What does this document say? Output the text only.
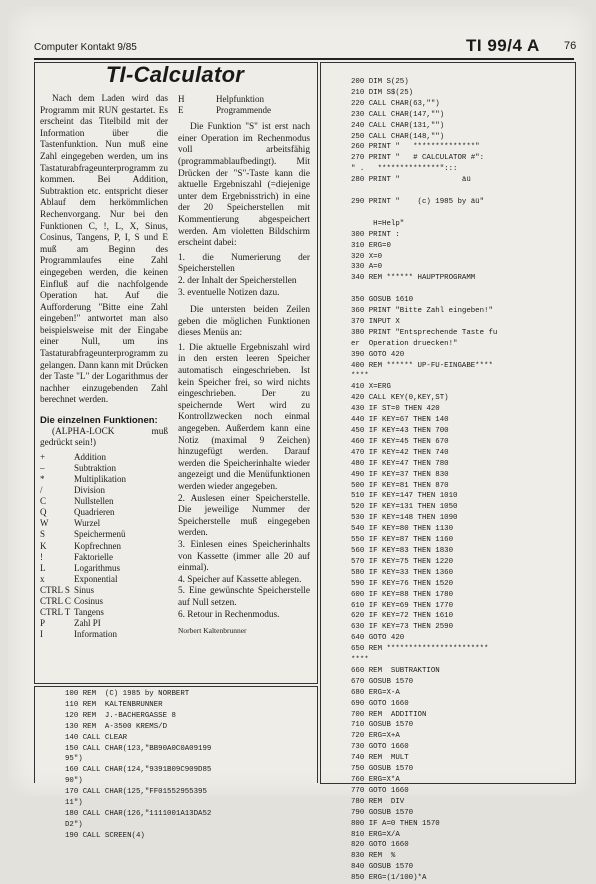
Computer Kontakt 9/85	TI 99/4 A 76
TI-Calculator

Nach dem Laden wird das Programm mit RUN gestartet. Es erscheint das Titelbild mit der Information über die Tastenfunktion. Nun muß eine Zahl eingegeben werden, um ins Tastaturabfrageunterprogramm zu kommen. Bei Addition, Subtraktion etc. entspricht dieser Ablauf dem herkömmlichen Rechenvorgang. Nur bei den Funktionen C, !, L, X, Sinus, Cosinus, Tangens, P, I, S und E muß am Beginn des Programmlaufes eine Zahl eingegeben werden, die keinen Einfluß auf die nachfolgende Operation hat. Auf die Aufforderung "Bitte eine Zahl eingeben!" antwortet man also beispielsweise mit der Eingabe einer Null, um ins Tastaturabfrageunterprogramm zu gelangen. Dann kann mit Drücken der Taste "L" der Logarithmus der nachher einzugebenden Zahl berechnet werden.

Die einzelnen Funktionen:

(ALPHA-LOCK muß gedrückt sein!)

+	Addition
–	Subtraktion
*	Multiplikation
/	Division
C	Nullstellen
Q	Quadrieren
W	Wurzel
S	Speichermenü
K	Kopfrechnen
!	Faktorielle
L	Logarithmus
x	Exponential
CTRL S Sinus
CTRL C Cosinus
CTRL T Tangens
P	Zahl PI
I	Information
H	Helpfunktion
E	Programmende

Die Funktion "S" ist erst nach einer Operation im Rechenmodus voll arbeitsfähig (programmablaufbedingt). Mit Drücken der "S"-Taste kann die aktuelle Ergebniszahl (=diejenige unter dem Ergebnisstrich) in eine der 20 Speicherstellen mit Kommentierung abgespeichert werden. Am violetten Bildschirm erscheint dabei:

1. die Numerierung der Speicherstellen

2. der Inhalt der Speicherstellen

3. eventuelle Notizen dazu.

Die untersten beiden Zeilen geben die möglichen Funktionen dieses Menüs an:

1. Die aktuelle Ergebniszahl wird in den ersten leeren Speicher automatisch eingeschrieben. Ist kein Speicher frei, so wird nichts eingeschrieben. Der zu speichernde Wert wird zu Kontrollzwecken noch einmal angegeben. Außerdem kann eine Notiz (maximal 9 Zeichen) hinzugefügt werden. Darauf werden die Speicherinhalte wieder angezeigt und die Menüfunktionen werden wieder angegeben.

2. Auslesen einer Speicherstelle. Die jeweilige Nummer der Speicherstelle muß eingegeben werden.

3. Einlesen eines Speicherinhalts von Kassette (immer alle 20 auf einmal).

4. Speicher auf Kassette ablegen.

5. Eine gewünschte Speicherstelle auf Null setzen.

6. Retour in Rechenmodus.

Norbert Kaltenbrunner

200 DIM S(25)
210 DIM S$(25)
220 CALL CHAR(63,"")
230 CALL CHAR(147,"")
240 CALL CHAR(131,"")
250 CALL CHAR(148,"")
260 PRINT "   **************"
270 PRINT "   # CALCULATOR #":
" .   **************":::
280 PRINT "              äü

290 PRINT "    (c) 1985 by äü"

H=Help"
300 PRINT :
310 ERG=0
320 X=0
330 A=0
340 REM ****** HAUPTPROGRAMM

350 GOSUB 1610
360 PRINT "Bitte Zahl eingeben!"
370 INPUT X
380 PRINT "Entsprechende Taste fu
er  Operation druecken!"
390 GOTO 420
400 REM ****** UP-FU-EINGABE****
****
410 X=ERG
420 CALL KEY(0,KEY,ST)
430 IF ST=0 THEN 420
440 IF KEY=67 THEN 140
450 IF KEY=43 THEN 700
460 IF KEY=45 THEN 670
470 IF KEY=42 THEN 740
480 IF KEY=47 THEN 780
490 IF KEY=37 THEN 830
500 IF KEY=81 THEN 870
510 IF KEY=147 THEN 1010
520 IF KEY=131 THEN 1050
530 IF KEY=148 THEN 1090
540 IF KEY=80 THEN 1130
550 IF KEY=87 THEN 1160
560 IF KEY=83 THEN 1830
570 IF KEY=75 THEN 1220
580 IF KEY=33 THEN 1360
590 IF KEY=76 THEN 1520
600 IF KEY=88 THEN 1780
610 IF KEY=69 THEN 1770
620 IF KEY=72 THEN 1610
630 IF KEY=73 THEN 2590
640 GOTO 420
650 REM ***********************
****
660 REM  SUBTRAKTION
670 GOSUB 1570
680 ERG=X-A
690 GOTO 1660
700 REM  ADDITION
710 GOSUB 1570
720 ERG=X+A
730 GOTO 1660
740 REM  MULT
750 GOSUB 1570
760 ERG=X*A
770 GOTO 1660
780 REM  DIV
790 GOSUB 1570
800 IF A=0 THEN 1570
810 ERG=X/A
820 GOTO 1660
830 REM  %
840 GOSUB 1570
850 ERG=(1/100)*A
100 REM  (C) 1985 by NORBERT
110 REM  KALTENBRUNNER
120 REM  J.-BACHERGASSE 8
130 REM  A-3500 KREMS/D
140 CALL CLEAR
150 CALL CHAR(123,"BB90A0C0A09199
95")
160 CALL CHAR(124,"9391B09C909D85
90")
170 CALL CHAR(125,"FF01552955395
11")
180 CALL CHAR(126,"1111001A13DA52
D2")
190 CALL SCREEN(4)
